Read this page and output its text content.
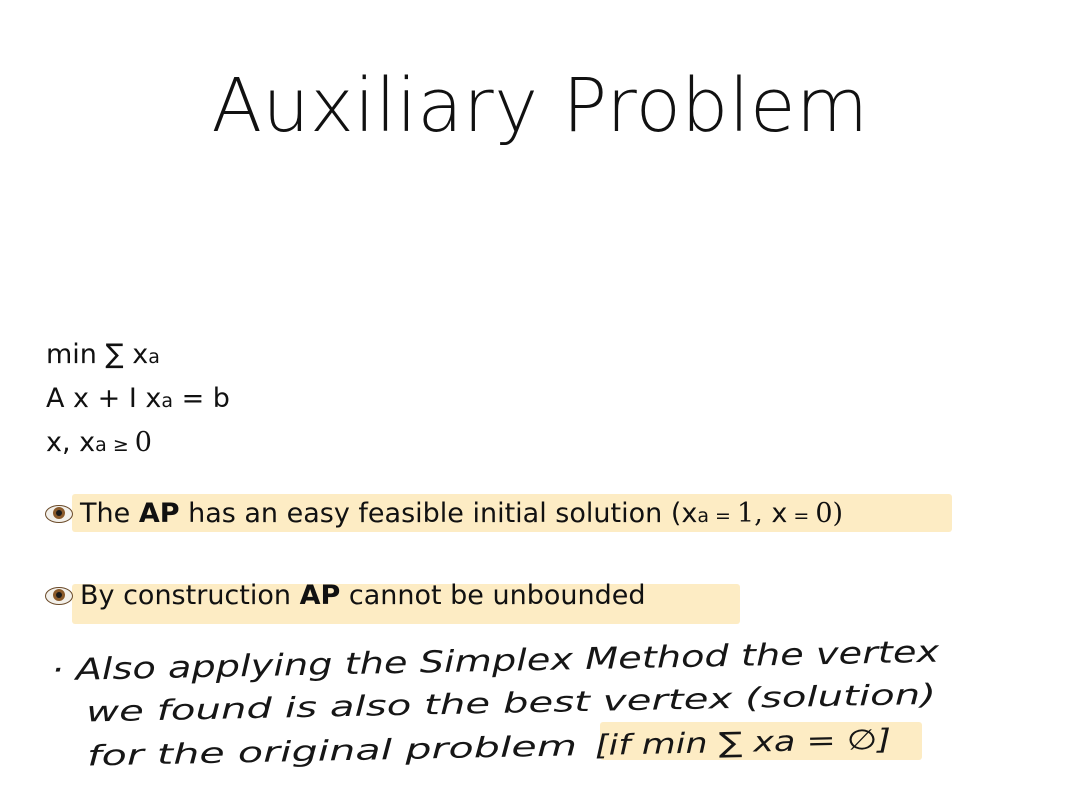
Auxiliary Problem
min ∑ xa
A x + I xa = b
x, xa ≥ 0
The AP has an easy feasible initial solution (xa = 1, x = 0)
By construction AP cannot be unbounded
· Also applying the Simplex Method the vertex
we found is also the best vertex (solution)
for the original problem	[if min ∑ xa = ∅]
